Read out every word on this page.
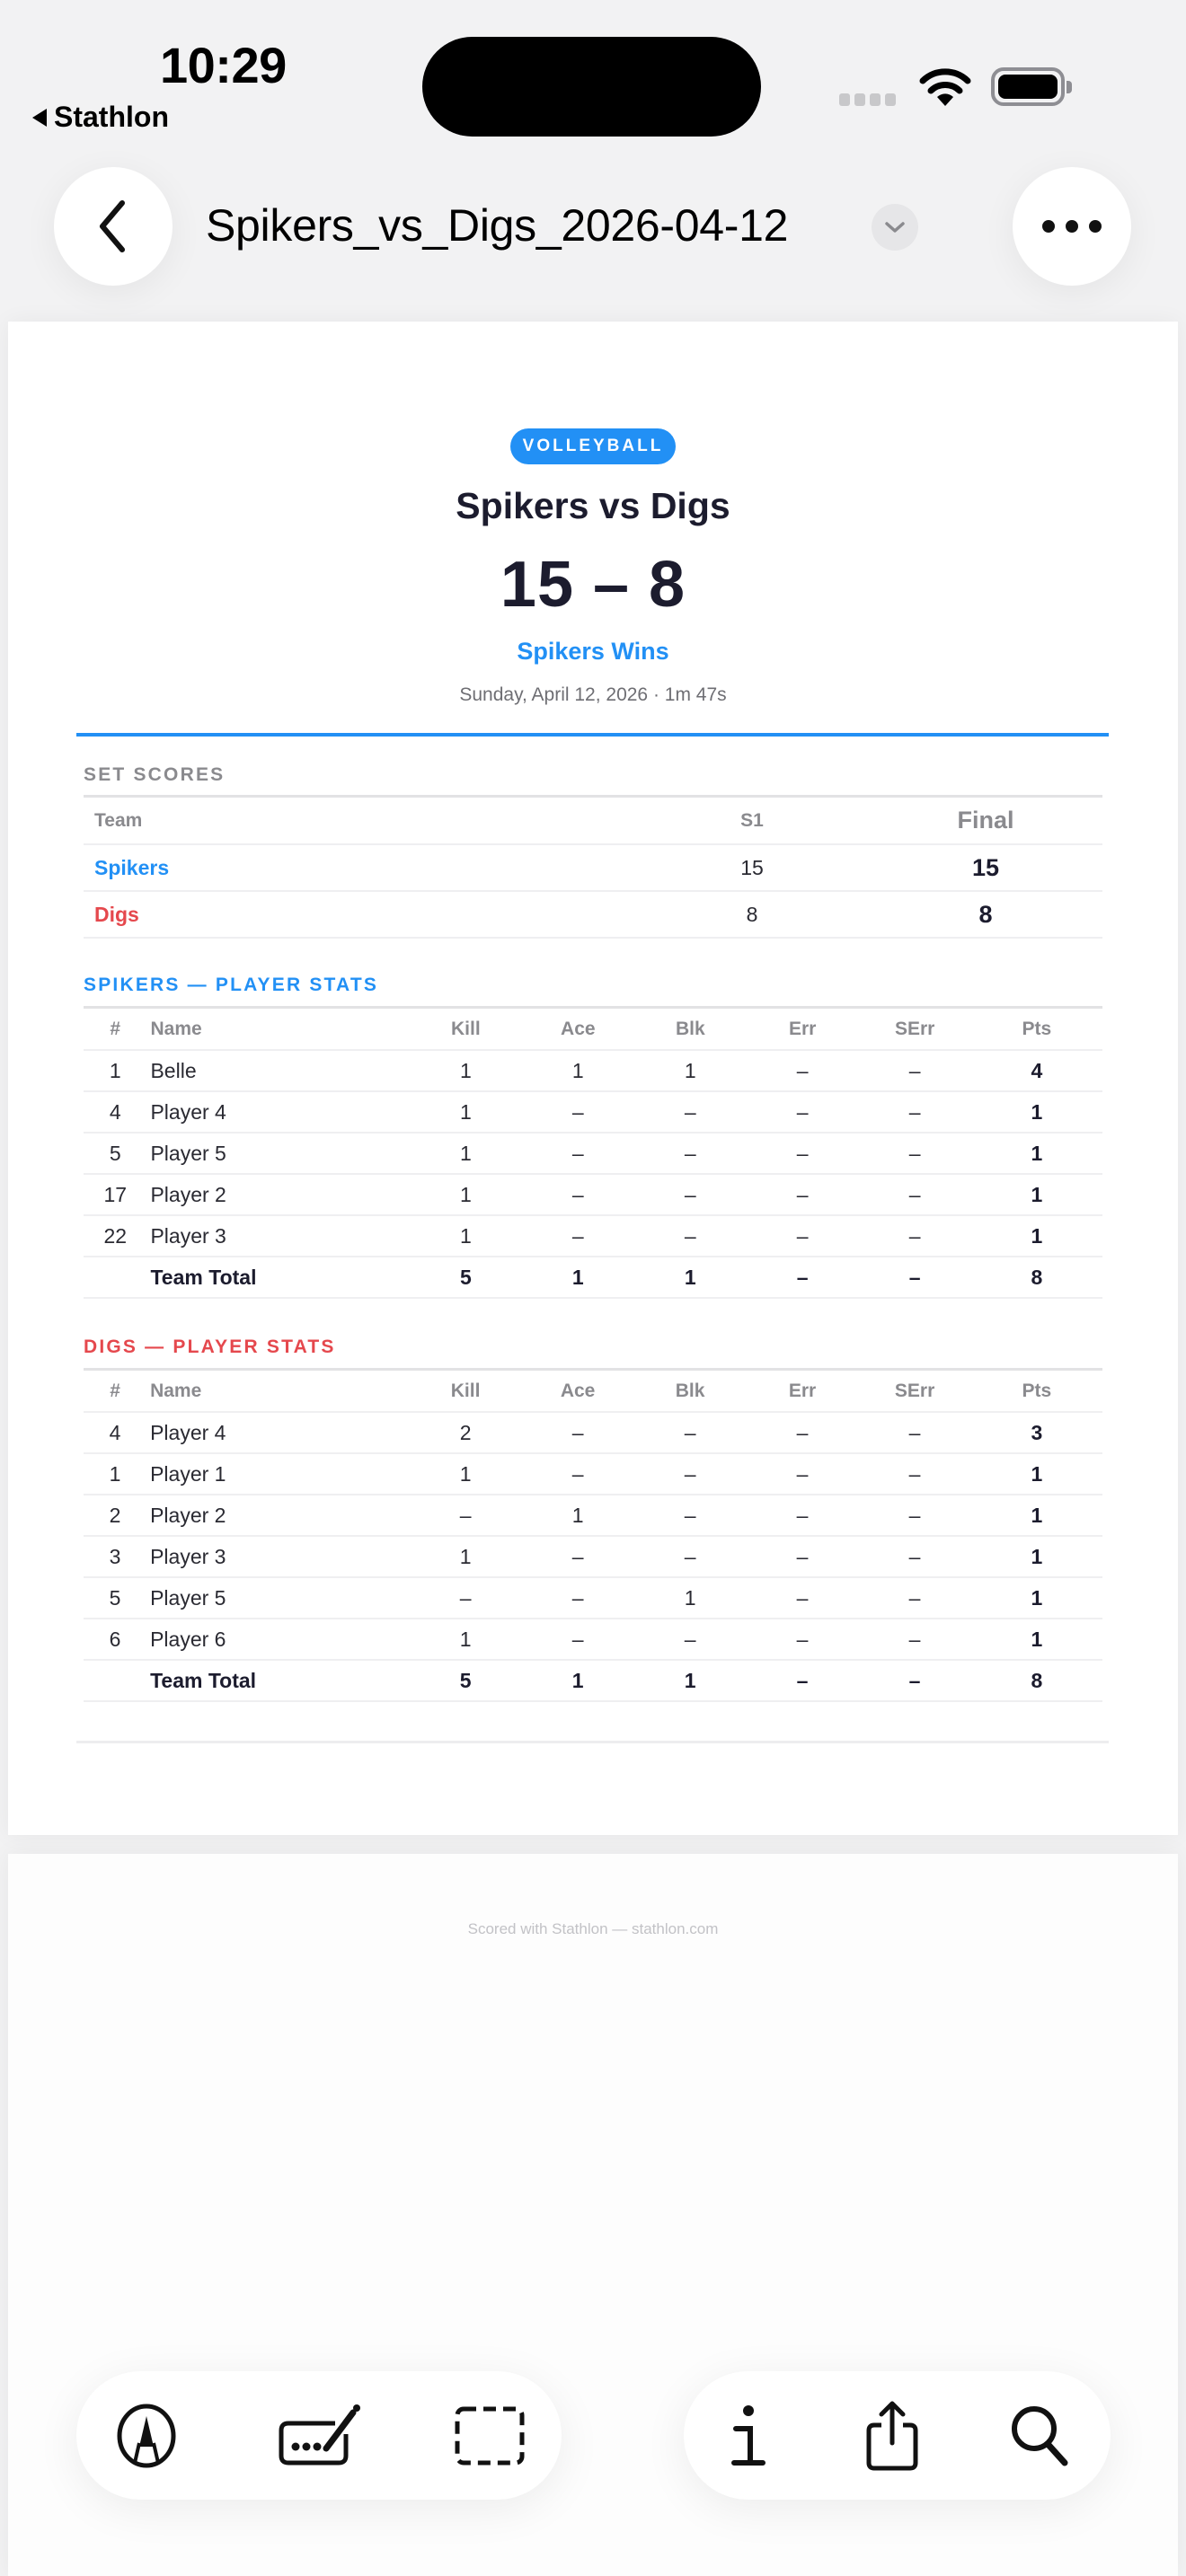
10:29
Stathlon
Spikers_vs_Digs_2026-04-12
VOLLEYBALL
Spikers vs Digs
15 – 8
Spikers Wins
Sunday, April 12, 2026 · 1m 47s
SET SCORES
Team		S1		Final	
Spikers		15		15	
Digs		8		8	
SPIKERS — PLAYER STATS
#	Name	Kill	Ace	Blk	Err	SErr	Pts
1	Belle	1	1	1	–	–	4
4	Player 4	1	–	–	–	–	1
5	Player 5	1	–	–	–	–	1
17	Player 2	1	–	–	–	–	1
22	Player 3	1	–	–	–	–	1
	Team Total	5	1	1	–	–	8
DIGS — PLAYER STATS
#	Name	Kill	Ace	Blk	Err	SErr	Pts
4	Player 4	2	–	–	–	–	3
1	Player 1	1	–	–	–	–	1
2	Player 2	–	1	–	–	–	1
3	Player 3	1	–	–	–	–	1
5	Player 5	–	–	1	–	–	1
6	Player 6	1	–	–	–	–	1
	Team Total	5	1	1	–	–	8
Scored with Stathlon — stathlon.com
